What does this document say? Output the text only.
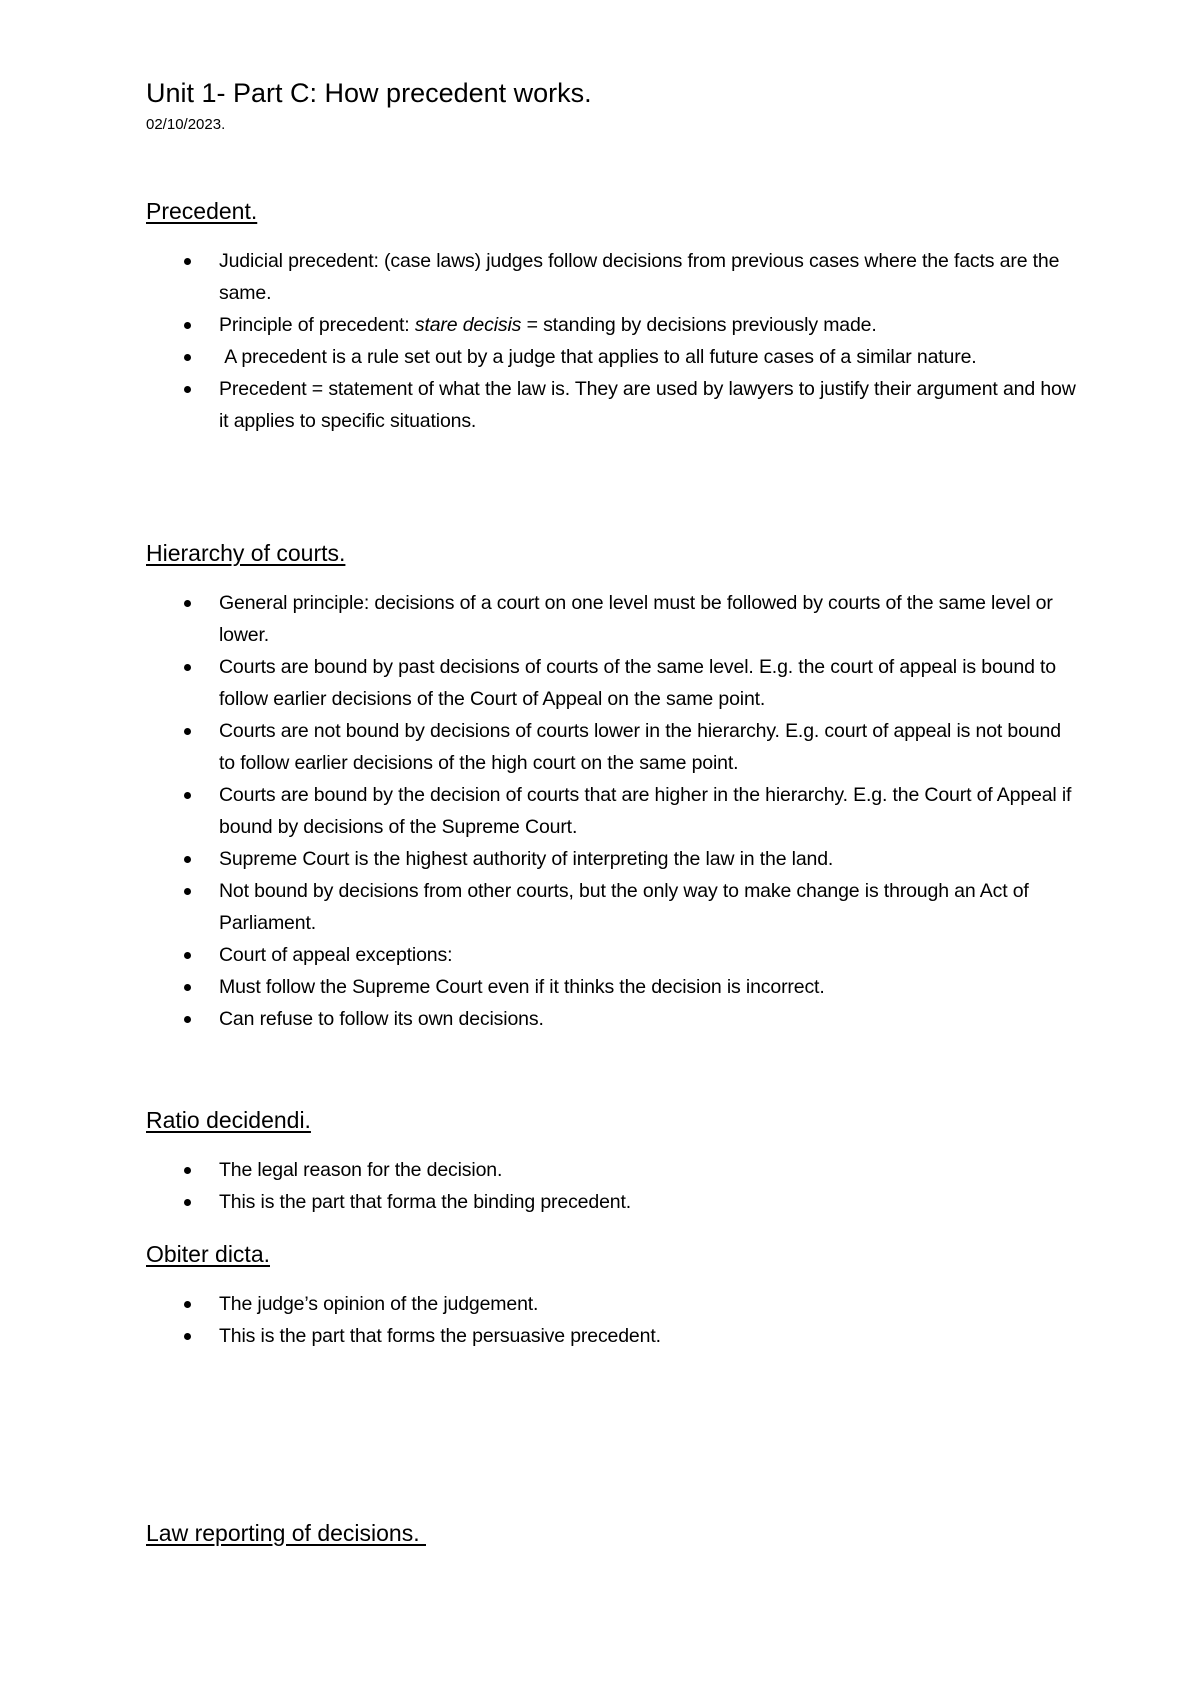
Unit 1- Part C: How precedent works.
02/10/2023.
Precedent.
Judicial precedent: (case laws) judges follow decisions from previous cases where the facts are the same.
Principle of precedent: stare decisis = standing by decisions previously made.
A precedent is a rule set out by a judge that applies to all future cases of a similar nature.
Precedent = statement of what the law is. They are used by lawyers to justify their argument and how it applies to specific situations.
Hierarchy of courts.
General principle: decisions of a court on one level must be followed by courts of the same level or lower.
Courts are bound by past decisions of courts of the same level. E.g. the court of appeal is bound to follow earlier decisions of the Court of Appeal on the same point.
Courts are not bound by decisions of courts lower in the hierarchy. E.g. court of appeal is not bound to follow earlier decisions of the high court on the same point.
Courts are bound by the decision of courts that are higher in the hierarchy. E.g. the Court of Appeal if bound by decisions of the Supreme Court.
Supreme Court is the highest authority of interpreting the law in the land.
Not bound by decisions from other courts, but the only way to make change is through an Act of Parliament.
Court of appeal exceptions:
Must follow the Supreme Court even if it thinks the decision is incorrect.
Can refuse to follow its own decisions.
Ratio decidendi.
The legal reason for the decision.
This is the part that forma the binding precedent.
Obiter dicta.
The judge’s opinion of the judgement.
This is the part that forms the persuasive precedent.
Law reporting of decisions.
